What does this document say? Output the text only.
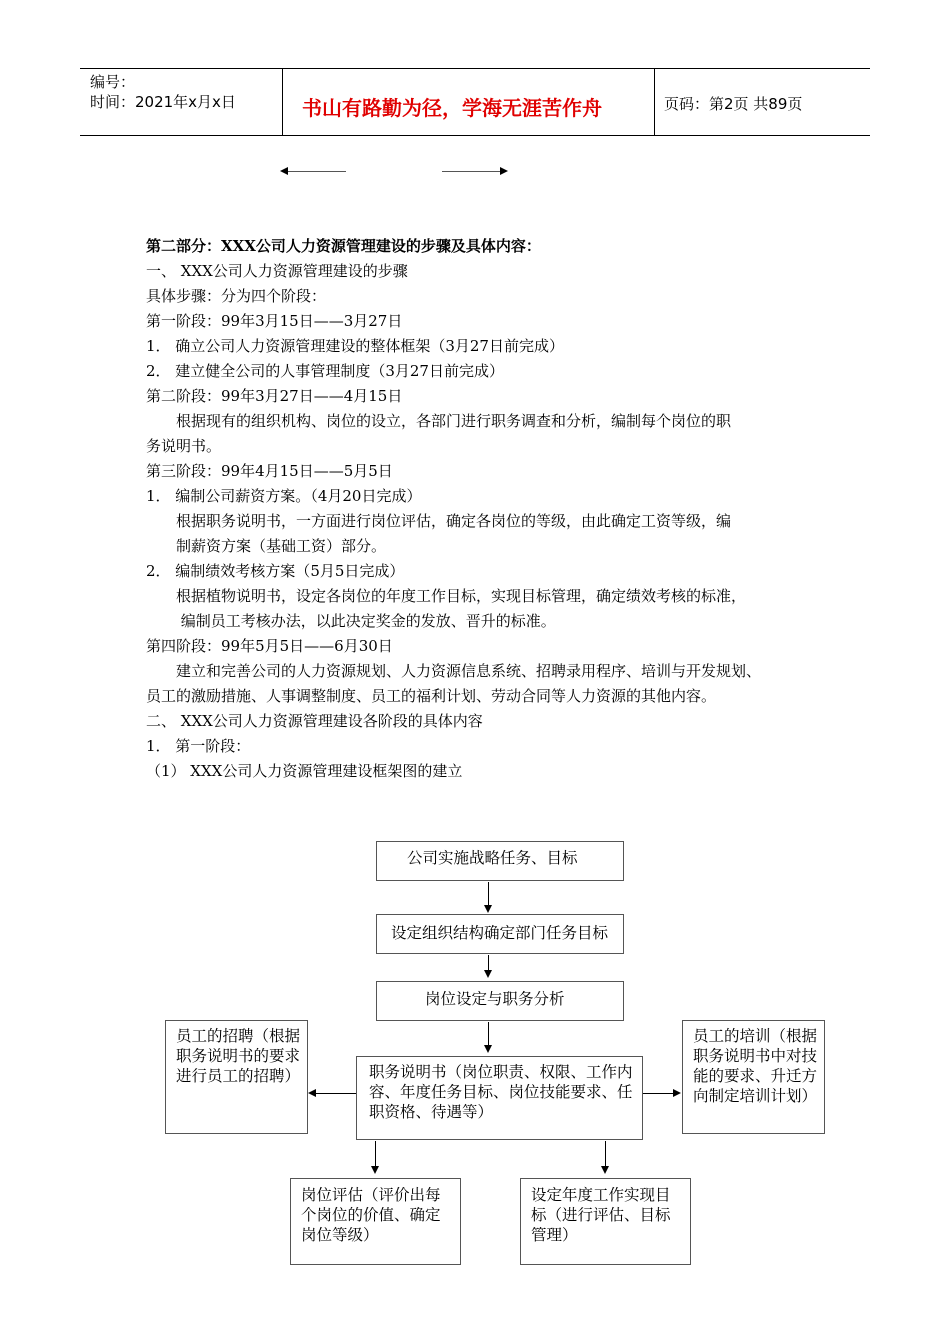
编号：
时间：2021年x月x日	书山有路勤为径，学海无涯苦作舟	页码：第2页 共89页
第二部分：XXX公司人力资源管理建设的步骤及具体内容：
一、 XXX公司人力资源管理建设的步骤
具体步骤：分为四个阶段：
第一阶段：99年3月15日——3月27日
1． 确立公司人力资源管理建设的整体框架（3月27日前完成）
2． 建立健全公司的人事管理制度（3月27日前完成）
第二阶段：99年3月27日——4月15日
　　根据现有的组织机构、岗位的设立，各部门进行职务调查和分析，编制每个岗位的职
务说明书。
第三阶段：99年4月15日——5月5日
1． 编制公司薪资方案。（4月20日完成）
　　根据职务说明书，一方面进行岗位评估，确定各岗位的等级，由此确定工资等级，编
　　制薪资方案（基础工资）部分。
2． 编制绩效考核方案（5月5日完成）
　　根据植物说明书，设定各岗位的年度工作目标，实现目标管理，确定绩效考核的标准，
　　 编制员工考核办法，以此决定奖金的发放、晋升的标准。
第四阶段：99年5月5日——6月30日
　　建立和完善公司的人力资源规划、人力资源信息系统、招聘录用程序、培训与开发规划、
员工的激励措施、人事调整制度、员工的福利计划、劳动合同等人力资源的其他内容。
二、 XXX公司人力资源管理建设各阶段的具体内容
1． 第一阶段：
（1） XXX公司人力资源管理建设框架图的建立
公司实施战略任务、目标
设定组织结构确定部门任务目标
岗位设定与职务分析
职务说明书（岗位职责、权限、工作内容、年度任务目标、岗位技能要求、任职资格、待遇等）
员工的招聘（根据职务说明书的要求进行员工的招聘）
员工的培训（根据职务说明书中对技能的要求、升迁方向制定培训计划）
岗位评估（评价出每个岗位的价值、确定岗位等级）
设定年度工作实现目标（进行评估、目标管理）
